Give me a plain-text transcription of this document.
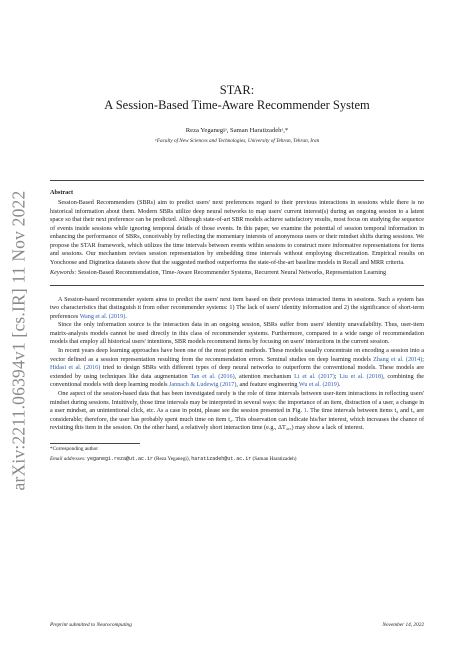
arXiv:2211.06394v1 [cs.IR] 11 Nov 2022
STAR:
A Session-Based Time-Aware Recommender System
Reza Yeganegiᵃ, Saman Haratizadehᵃ,*
ᵃFaculty of New Sciences and Technologies, University of Tehran, Tehran, Iran
Abstract

Session-Based Recommenders (SBRs) aim to predict users' next preferences regard to their previous interactions in sessions while there is no historical information about them. Modern SBRs utilize deep neural networks to map users' current interest(s) during an ongoing session to a latent space so that their next preference can be predicted. Although state-of-art SBR models achieve satisfactory results, most focus on studying the sequence of events inside sessions while ignoring temporal details of those events. In this paper, we examine the potential of session temporal information in enhancing the performance of SBRs, conceivably by reflecting the momentary interests of anonymous users or their mindset shifts during sessions. We propose the STAR framework, which utilizes the time intervals between events within sessions to construct more informative representations for items and sessions. Our mechanism revises session representation by embedding time intervals without employing discretization. Empirical results on Yoochoose and Diginetica datasets show that the suggested method outperforms the state-of-the-art baseline models in Recall and MRR criteria.

Keywords: Session-Based Recommendation, Time-Aware Recommender Systems, Recurrent Neural Networks, Representation Learning

A Session-based recommender system aims to predict the users' next item based on their previous interacted items in sessions. Such a system has two characteristics that distinguish it from other recommender systems: 1) The lack of users' identity information and 2) the significance of short-term preferences Wang et al. (2019).

Since the only information source is the interaction data in an ongoing session, SBRs suffer from users' identity unavailability. Thus, user-item matrix-analysis models cannot be used directly in this class of recommender systems. Furthermore, compared to a wide range of recommendation models that employ all historical users' intentions, SBR models recommend items by focusing on users' interactions in the current session.

In recent years deep learning approaches have been one of the most potent methods. These models usually concentrate on encoding a session into a vector defined as a session representation resulting from the recommendation errors. Seminal studies on deep learning models Zhang et al. (2014); Hidasi et al. (2016) tried to design SBRs with different types of deep neural networks to outperform the conventional models. These models are extended by using techniques like data augmentation Tan et al. (2016), attention mechanism Li et al. (2017); Liu et al. (2018), combining the conventional models with deep learning models Jannach & Ludewig (2017), and feature engineering Wu et al. (2019).

One aspect of the session-based data that has been investigated rarely is the role of time intervals between user-item interactions in reflecting users' mindset during sessions. Intuitively, those time intervals may be interpreted in several ways: the importance of an item, distraction of a user, a change in a user mindset, an unintentional click, etc. As a case in point, please see the session presented in Fig. 1. The time intervals between items t₂ and t₃ are considerable; therefore, the user has probably spent much time on item t₂. This observation can indicate his/her interest, which increases the chance of revisiting this item in the session. On the other hand, a relatively short interaction time (e.g., ΔT₄,₅) may show a lack of interest.

*Corresponding author

Email addresses: yeganegi.reza@ut.ac.ir (Reza Yeganegi), haratizadeh@ut.ac.ir (Saman Haratizadeh)

Preprint submitted to Neurocomputing	November 14, 2022
